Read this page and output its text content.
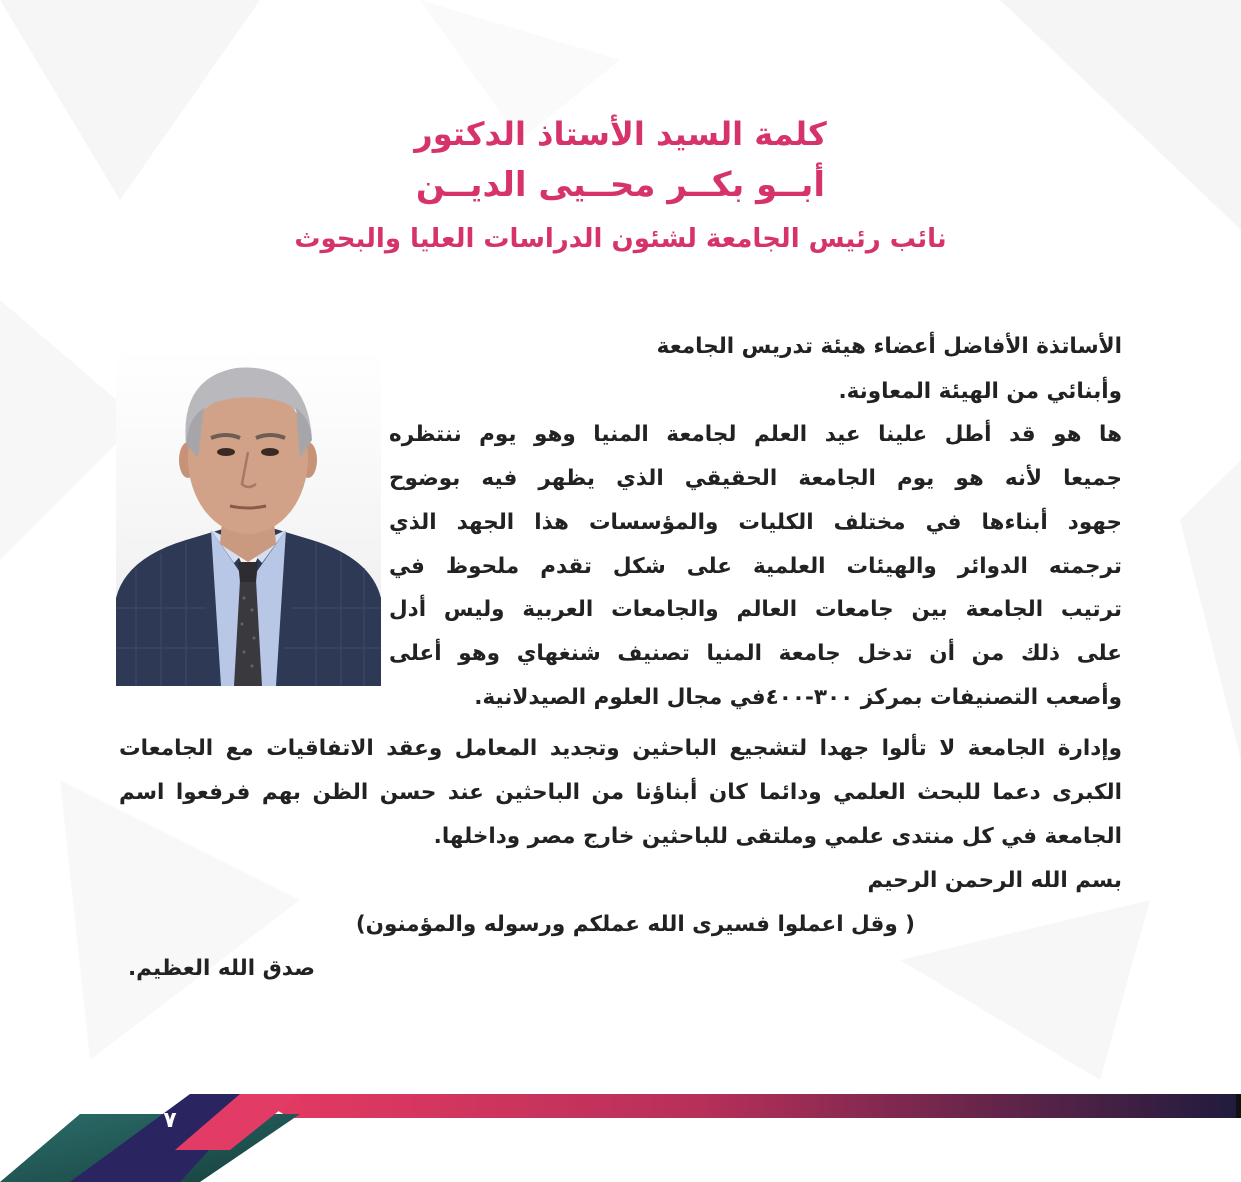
كلمة السيد الأستاذ الدكتور
أبــو بكــر محــيى الديــن
نائب رئيس الجامعة لشئون الدراسات العليا والبحوث
الأساتذة الأفاضل أعضاء هيئة تدريس الجامعة
وأبنائي من الهيئة المعاونة.
ها هو قد أطل علينا عيد العلم لجامعة المنيا وهو يوم ننتظره
جميعا لأنه هو يوم الجامعة الحقيقي الذي يظهر فيه بوضوح
جهود أبناءها في مختلف الكليات والمؤسسات هذا الجهد الذي
ترجمته الدوائر والهيئات العلمية على شكل تقدم ملحوظ في
ترتيب الجامعة بين جامعات العالم والجامعات العربية وليس أدل
على ذلك من أن تدخل جامعة المنيا تصنيف شنغهاي وهو أعلى
وأصعب التصنيفات بمركز ٣٠٠-٤٠٠في مجال العلوم الصيدلانية.
وإدارة الجامعة لا تألوا جهدا لتشجيع الباحثين وتجديد المعامل وعقد الاتفاقيات مع الجامعات
الكبرى دعما للبحث العلمي ودائما كان أبناؤنا من الباحثين عند حسن الظن بهم فرفعوا اسم
الجامعة في كل منتدى علمي وملتقى للباحثين خارج مصر وداخلها.
بسم الله الرحمن الرحيم
( وقل اعملوا فسيرى الله عملكم ورسوله والمؤمنون)
صدق الله العظيم.
٧
